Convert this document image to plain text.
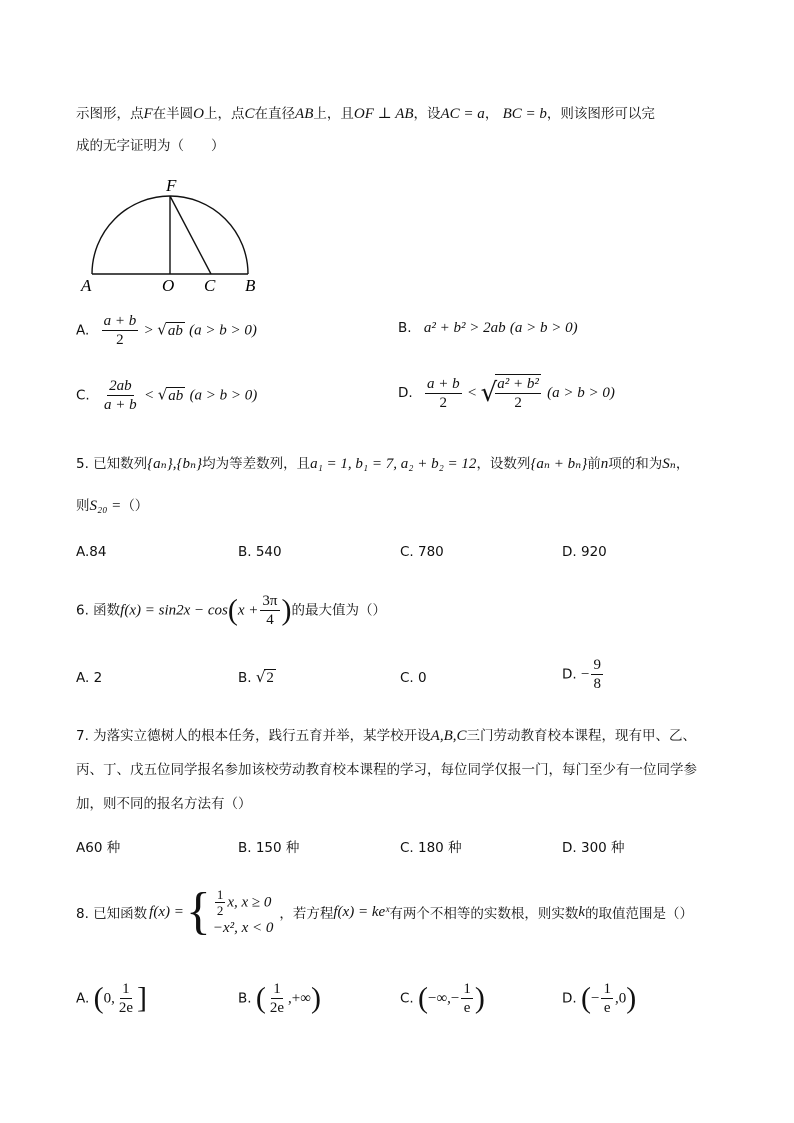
示图形，点F在半圆O上，点C在直径AB上，且OF ⊥ AB，设AC = a， BC = b，则该图形可以完
成的无字证明为（　　）
F
A	O C B
A. $\frac{a + b}{2} > √ab$ (a > b > 0)	B. a² + b² > 2ab (a > b > 0)
C. $\frac{2ab}{a + b} < √ab$ (a > b > 0)	D. $\frac{a + b}{2}$ < √
$\frac{\text{a² + b²}}{2} (a > b > 0)$
5. 已知数列{aₙ},{bₙ}均为等差数列，且a₁ = 1, b₁ = 7, a₂ + b₂ = 12，设数列{aₙ + bₙ}前n项的和为Sₙ，
则S₂₀ =（）
A.84	B. 540	C. 780	D. 920
6. 函数$f(x) = \sin 2x - \cos(x + \frac{3\pi}{4}$ )的最大值为（）
A. 2	B. √2	C. 0	D. − $\frac{9}{8}$
7. 为落实立德树人的根本任务，践行五育并举，某学校开设A,B,C三门劳动教育校本课程，现有甲、乙、
丙、丁、戊五位同学报名参加该校劳动教育校本课程的学习，每位同学仅报一门，每门至少有一位同学参
加，则不同的报名方法有（）
A60 种	B. 150 种	C. 180 种	D. 300 种
8. 已知函数 f(x) = { $\frac{1}{2} x$, x ≥ 0
−x², x < 0
，若方程 f(x) = keˣ 有两个不相等的实数根，则实数 k 的取值范围是（）
A. (0, $\frac{1}{2e}$ ]	B. ( $\frac{1}{2e}$ ,+∞)	C. (−∞,− $\frac{1}{e}$ )	D. (− $\frac{1}{e} ,0$)
